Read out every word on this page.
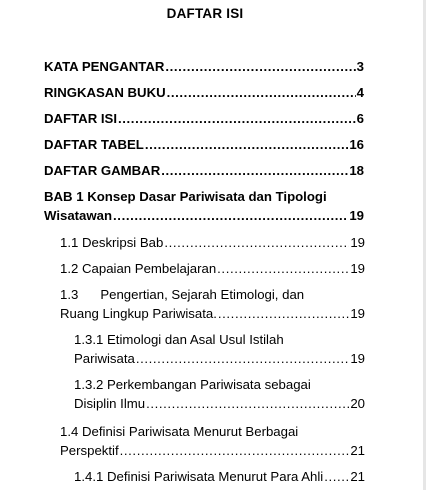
DAFTAR ISI
KATA PENGANTAR .....	3
RINGKASAN BUKU .....	4
DAFTAR ISI .....	6
DAFTAR TABEL .....	16
DAFTAR GAMBAR .....	18
BAB 1 Konsep Dasar Pariwisata dan Tipologi
Wisatawan .....	19
1.1 Deskripsi Bab .....	19
1.2 Capaian Pembelajaran .....	19
1.3      Pengertian, Sejarah Etimologi, dan
Ruang Lingkup Pariwisata. .....	19
1.3.1 Etimologi dan Asal Usul Istilah
Pariwisata .....	19
1.3.2 Perkembangan Pariwisata sebagai
Disiplin Ilmu .....	20
1.4 Definisi Pariwisata Menurut Berbagai
Perspektif .....	21
1.4.1 Definisi Pariwisata Menurut Para Ahli ..... 21
